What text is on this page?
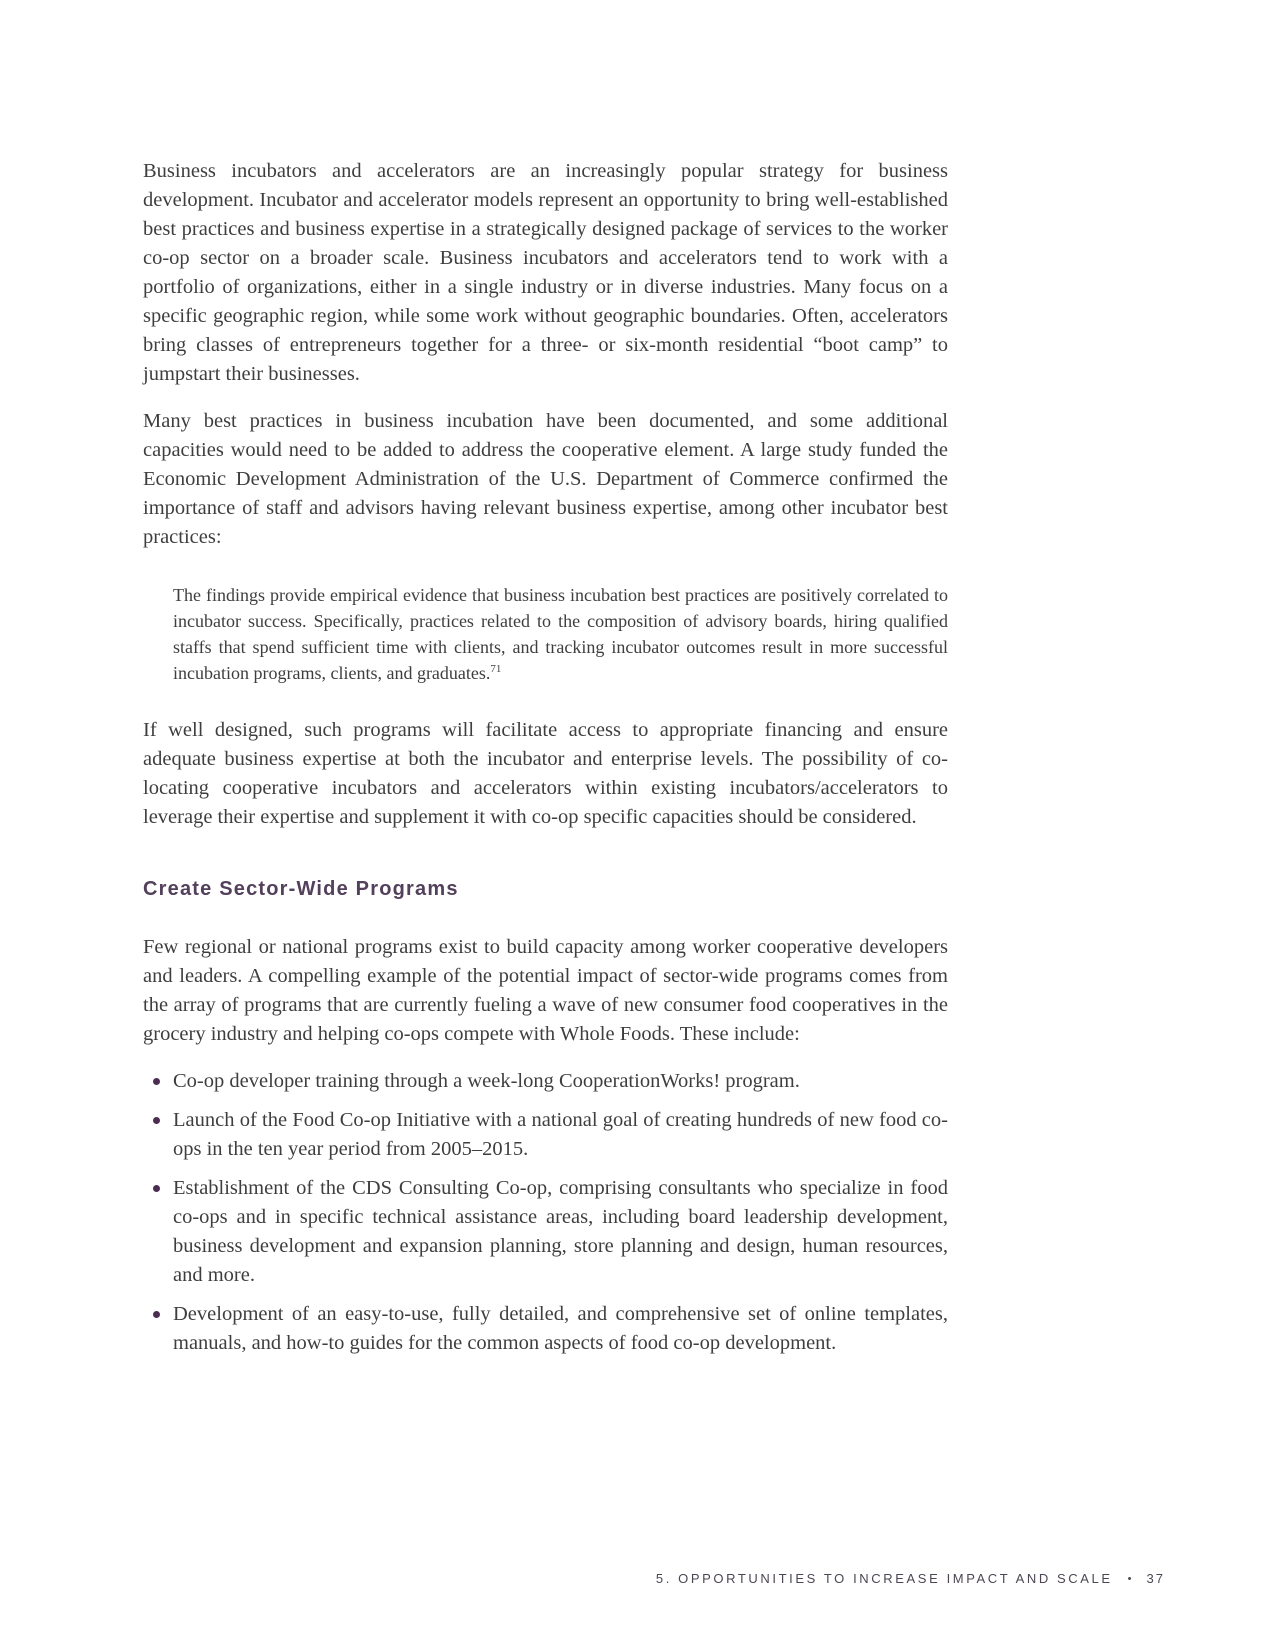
Business incubators and accelerators are an increasingly popular strategy for business development. Incubator and accelerator models represent an opportunity to bring well-established best practices and business expertise in a strategically designed package of services to the worker co-op sector on a broader scale. Business incubators and accelerators tend to work with a portfolio of organizations, either in a single industry or in diverse industries. Many focus on a specific geographic region, while some work without geographic boundaries. Often, accelerators bring classes of entrepreneurs together for a three- or six-month residential “boot camp” to jumpstart their businesses.

Many best practices in business incubation have been documented, and some additional capacities would need to be added to address the cooperative element. A large study funded the Economic Development Administration of the U.S. Department of Commerce confirmed the importance of staff and advisors having relevant business expertise, among other incubator best practices:

The findings provide empirical evidence that business incubation best practices are positively correlated to incubator success. Specifically, practices related to the composition of advisory boards, hiring qualified staffs that spend sufficient time with clients, and tracking incubator outcomes result in more successful incubation programs, clients, and graduates.$^{71}$

If well designed, such programs will facilitate access to appropriate financing and ensure adequate business expertise at both the incubator and enterprise levels. The possibility of co-locating cooperative incubators and accelerators within existing incubators/accelerators to leverage their expertise and supplement it with co-op specific capacities should be considered.

Create Sector-Wide Programs

Few regional or national programs exist to build capacity among worker cooperative developers and leaders. A compelling example of the potential impact of sector-wide programs comes from the array of programs that are currently fueling a wave of new consumer food cooperatives in the grocery industry and helping co-ops compete with Whole Foods. These include:

Co-op developer training through a week-long CooperationWorks! program.
Launch of the Food Co-op Initiative with a national goal of creating hundreds of new food co-ops in the ten year period from 2005–2015.
Establishment of the CDS Consulting Co-op, comprising consultants who specialize in food co-ops and in specific technical assistance areas, including board leadership development, business development and expansion planning, store planning and design, human resources, and more.
Development of an easy-to-use, fully detailed, and comprehensive set of online templates, manuals, and how-to guides for the common aspects of food co-op development.
5. OPPORTUNITIES TO INCREASE IMPACT AND SCALE • 37
